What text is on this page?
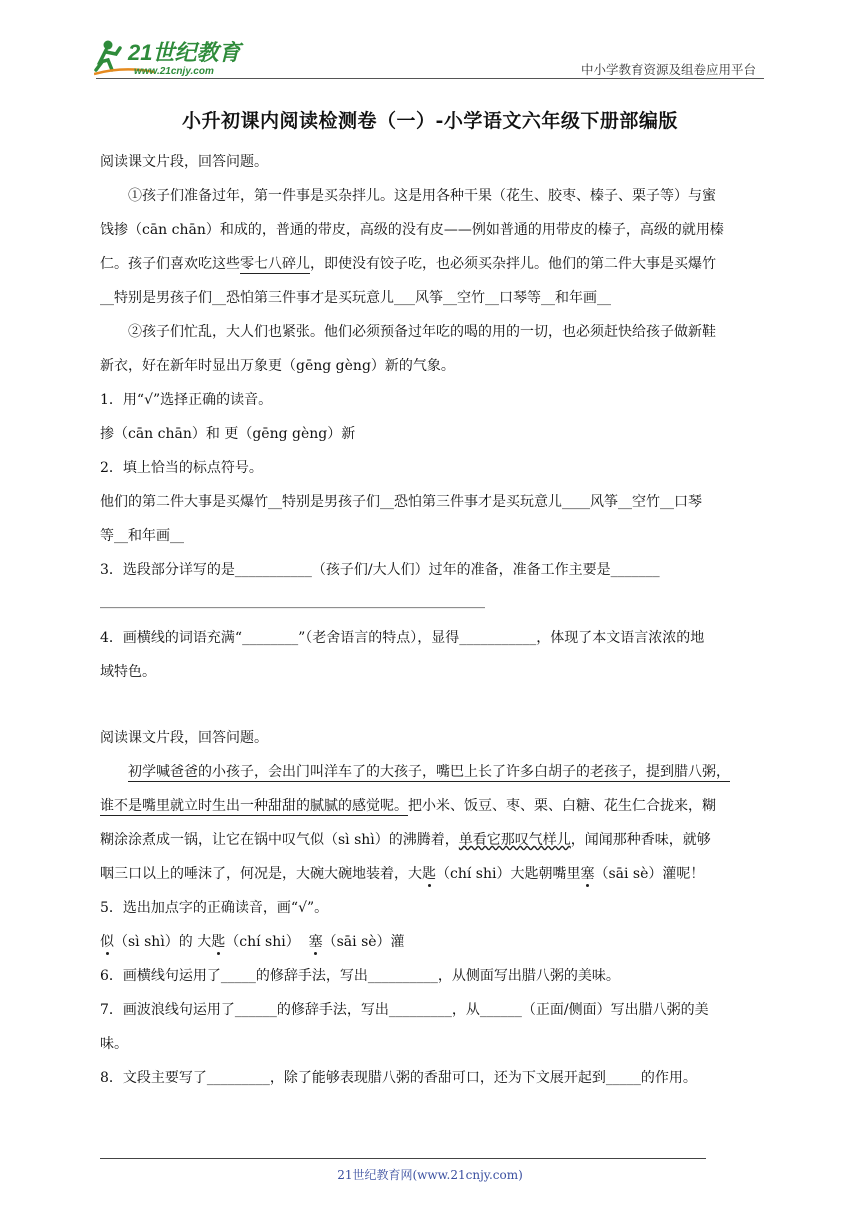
21世纪教育
www.21cnjy.com	中小学教育资源及组卷应用平台
小升初课内阅读检测卷（一）-小学语文六年级下册部编版
阅读课文片段，回答问题。
①孩子们准备过年，第一件事是买杂拌儿。这是用各种干果（花生、胶枣、榛子、栗子等）与蜜
饯掺（cān chān）和成的，普通的带皮，高级的没有皮——例如普通的用带皮的榛子，高级的就用榛
仁。孩子们喜欢吃这些零七八碎儿，即使没有饺子吃，也必须买杂拌儿。他们的第二件大事是买爆竹
__特别是男孩子们__恐怕第三件事才是买玩意儿___风筝__空竹__口琴等__和年画__
②孩子们忙乱，大人们也紧张。他们必须预备过年吃的喝的用的一切，也必须赶快给孩子做新鞋
新衣，好在新年时显出万象更（gēng gèng）新的气象。
1．用“√”选择正确的读音。
掺（cān chān）和 更（gēng gèng）新
2．填上恰当的标点符号。
他们的第二件大事是买爆竹__特别是男孩子们__恐怕第三件事才是买玩意儿____风筝__空竹__口琴
等__和年画__
3．选段部分详写的是___________（孩子们/大人们）过年的准备，准备工作主要是_______
_______________________________________________________
4．画横线的词语充满“________”（老舍语言的特点），显得___________，体现了本文语言浓浓的地
域特色。
阅读课文片段，回答问题。
初学喊爸爸的小孩子，会出门叫洋车了的大孩子，嘴巴上长了许多白胡子的老孩子，提到腊八粥，
谁不是嘴里就立时生出一种甜甜的腻腻的感觉呢。把小米、饭豆、枣、栗、白糖、花生仁合拢来，糊
糊涂涂煮成一锅，让它在锅中叹气似（sì shì）的沸腾着，单看它那叹气样儿，闻闻那种香味，就够
咽三口以上的唾沫了，何况是，大碗大碗地装着，大匙（chí shi）大匙朝嘴里塞（sāi sè）灌呢！
5．选出加点字的正确读音，画“√”。
似（sì shì）的 大匙（chí shi）  塞（sāi sè）灌
6．画横线句运用了_____的修辞手法，写出__________，从侧面写出腊八粥的美味。
7．画波浪线句运用了______的修辞手法，写出_________，从______（正面/侧面）写出腊八粥的美
味。
8．文段主要写了_________，除了能够表现腊八粥的香甜可口，还为下文展开起到_____的作用。
21世纪教育网(www.21cnjy.com)
